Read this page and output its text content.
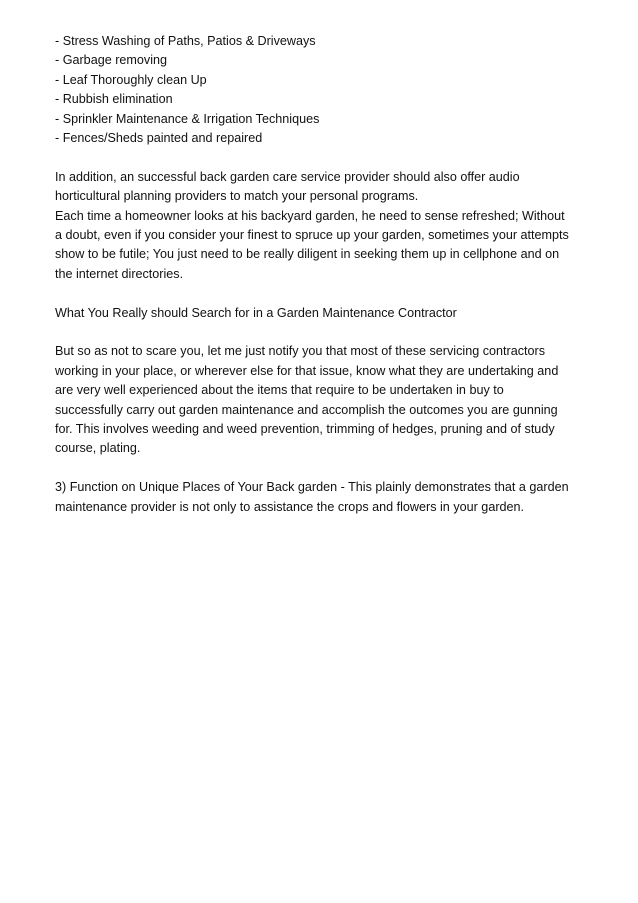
- Stress Washing of Paths, Patios & Driveways
- Garbage removing
- Leaf Thoroughly clean Up
- Rubbish elimination
- Sprinkler Maintenance & Irrigation Techniques
- Fences/Sheds painted and repaired

In addition, an successful back garden care service provider should also offer audio
horticultural planning providers to match your personal programs.

Each time a homeowner looks at his backyard garden, he need to sense refreshed; Without
a doubt, even if you consider your finest to spruce up your garden, sometimes your attempts
show to be futile; You just need to be really diligent in seeking them up in cellphone and on
the internet directories.

What You Really should Search for in a Garden Maintenance Contractor

But so as not to scare you, let me just notify you that most of these servicing contractors
working in your place, or wherever else for that issue, know what they are undertaking and
are very well experienced about the items that require to be undertaken in buy to
successfully carry out garden maintenance and accomplish the outcomes you are gunning
for. This involves weeding and weed prevention, trimming of hedges, pruning and of study
course, plating.

3) Function on Unique Places of Your Back garden - This plainly demonstrates that a garden
maintenance provider is not only to assistance the crops and flowers in your garden.
